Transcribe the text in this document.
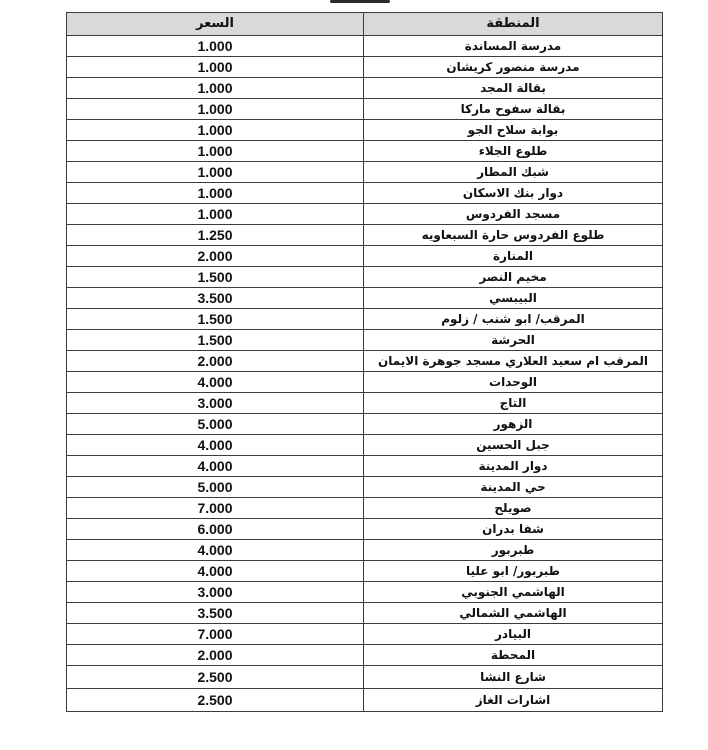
السعر	المنطقة
1.000	مدرسة المساندة
1.000	مدرسة منصور كريشان
1.000	بقالة المجد
1.000	بقالة سفوح ماركا
1.000	بوابة سلاح الجو
1.000	طلوع الجلاء
1.000	شبك المطار
1.000	دوار بنك الاسكان
1.000	مسجد الفردوس
1.250	طلوع الفردوس حارة السبعاويه
2.000	المنارة
1.500	مخيم النصر
3.500	البيبسي
1.500	المرقب/ ابو شنب / زلوم
1.500	الحرشة
2.000	المرقب ام سعيد العلاري مسجد جوهرة الايمان
4.000	الوحدات
3.000	التاج
5.000	الزهور
4.000	جبل الحسين
4.000	دوار المدينة
5.000	حي المدينة
7.000	صويلح
6.000	شفا بدران
4.000	طبربور
4.000	طبربور/ ابو عليا
3.000	الهاشمي الجنوبي
3.500	الهاشمي الشمالي
7.000	البيادر
2.000	المحطة
2.500	شارع النشا
2.500	اشارات الغاز
